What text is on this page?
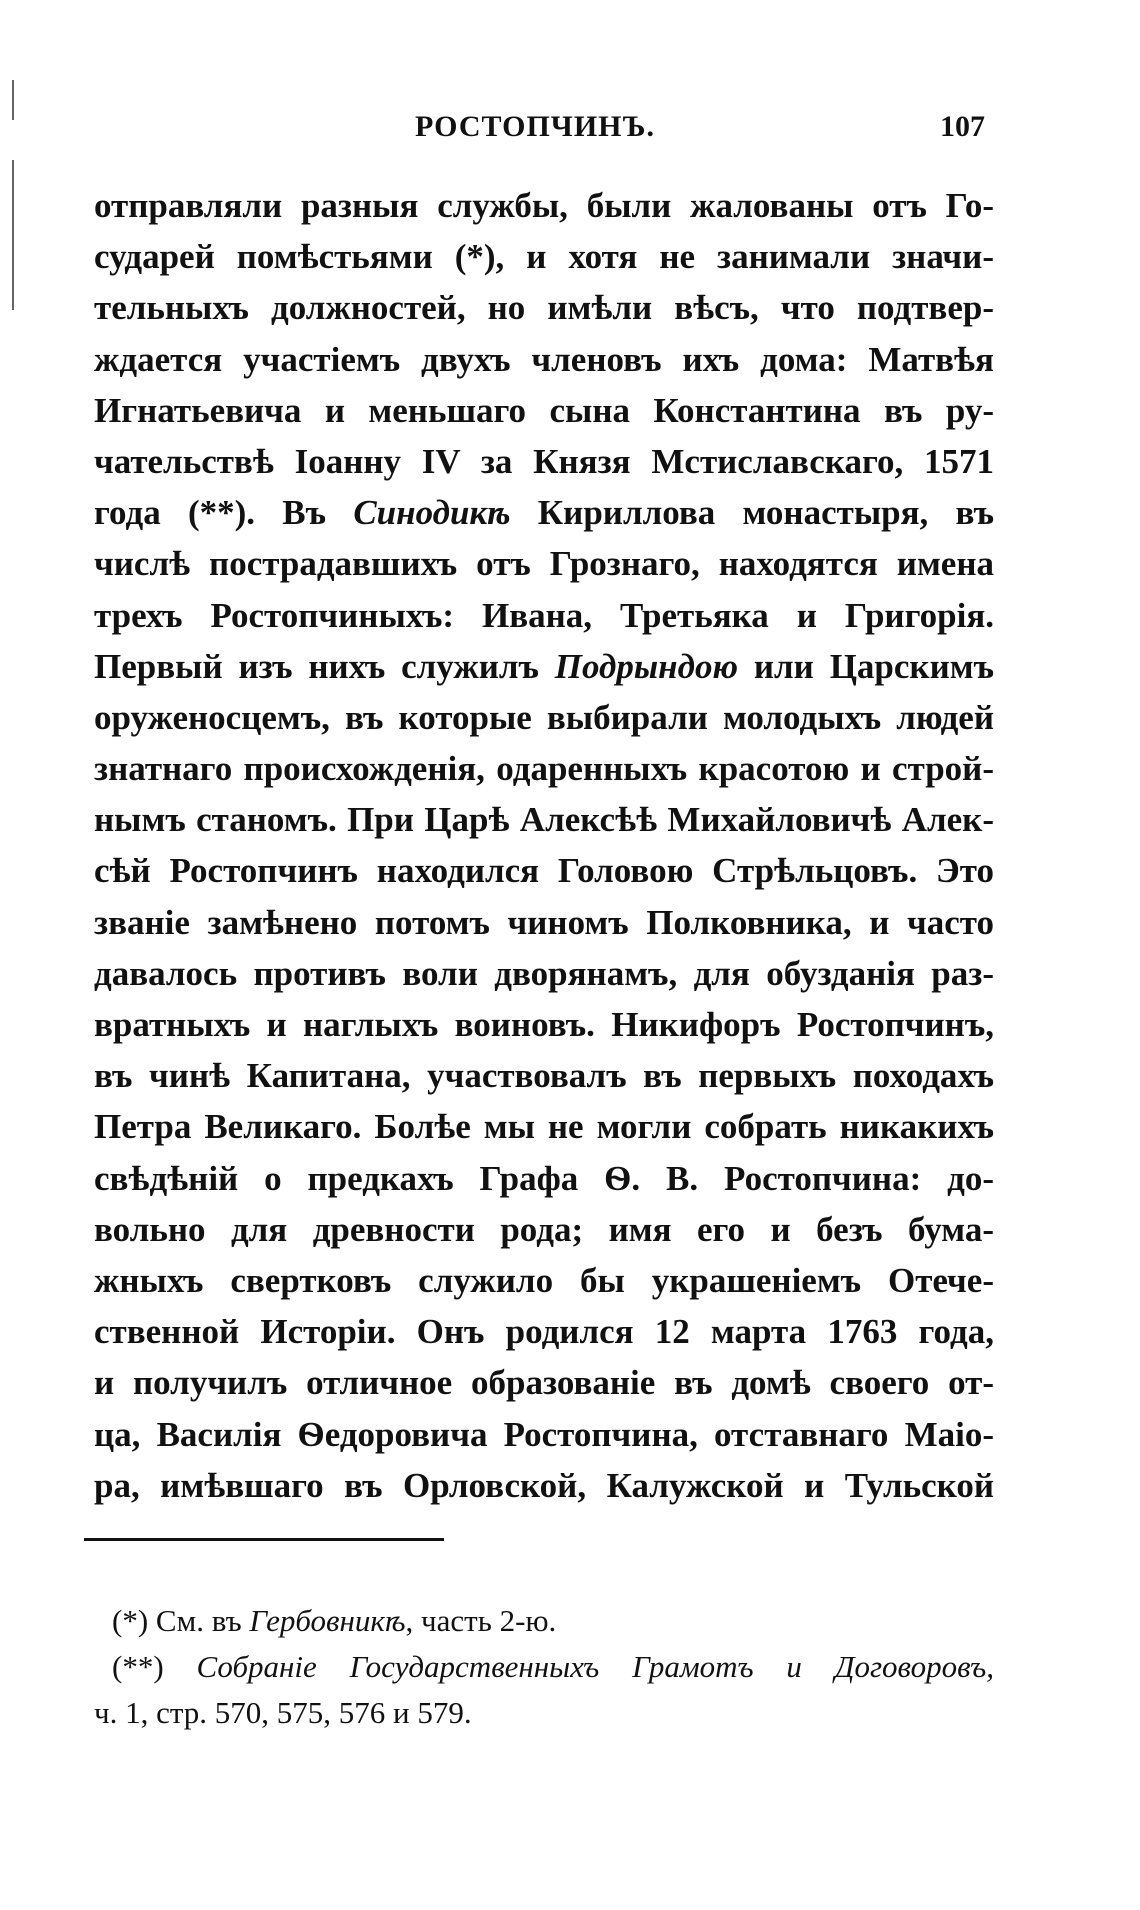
РОСТОПЧИНЪ.	107
отправляли разныя службы, были жалованы отъ Го-
сударей помѣстьями (*), и хотя не занимали значи-
тельныхъ должностей, но имѣли вѣсъ, что подтвер-
ждается участіемъ двухъ членовъ ихъ дома: Матвѣя
Игнатьевича и меньшаго сына Константина въ ру-
чательствѣ Іоанну IV за Князя Мстиславскаго, 1571
года (**). Въ Синодикѣ Кириллова монастыря, въ
числѣ пострадавшихъ отъ Грознаго, находятся имена
трехъ Ростопчиныхъ: Ивана, Третьяка и Григорія.
Первый изъ нихъ служилъ Подрындою или Царскимъ
оруженосцемъ, въ которые выбирали молодыхъ людей
знатнаго происхожденія, одаренныхъ красотою и строй-
нымъ станомъ. При Царѣ Алексѣѣ Михайловичѣ Алек-
сѣй Ростопчинъ находился Головою Стрѣльцовъ. Это
званіе замѣнено потомъ чиномъ Полковника, и часто
давалось противъ воли дворянамъ, для обузданія раз-
вратныхъ и наглыхъ воиновъ. Никифоръ Ростопчинъ,
въ чинѣ Капитана, участвовалъ въ первыхъ походахъ
Петра Великаго. Болѣе мы не могли собрать никакихъ
свѣдѣній о предкахъ Графа Ѳ. В. Ростопчина: до-
вольно для древности рода; имя его и безъ бума-
жныхъ свертковъ служило бы украшеніемъ Отече-
ственной Исторіи. Онъ родился 12 марта 1763 года,
и получилъ отличное образованіе въ домѣ своего от-
ца, Василія Ѳедоровича Ростопчина, отставнаго Маіо-
ра, имѣвшаго въ Орловской, Калужской и Тульской
(*) См. въ Гербовникѣ, часть 2-ю.
(**) Собраніе Государственныхъ Грамотъ и Договоровъ,
ч. 1, стр. 570, 575, 576 и 579.
